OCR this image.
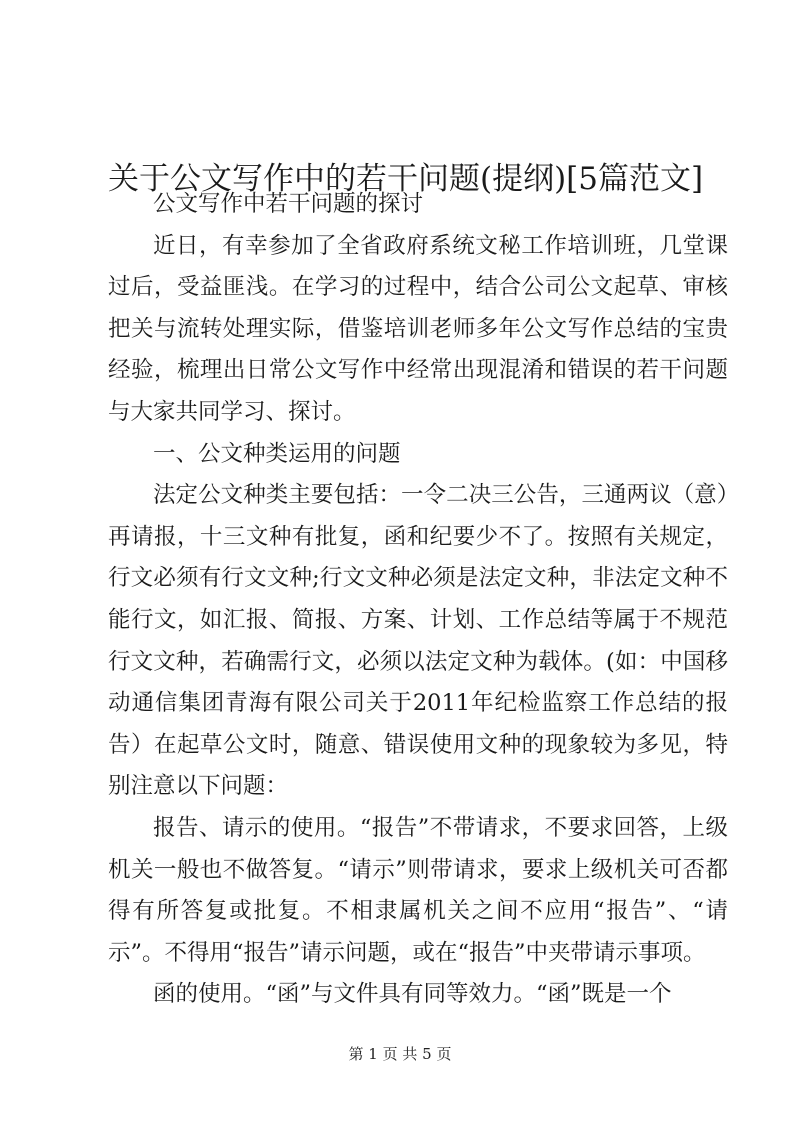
关于公文写作中的若干问题(提纲)[5篇范文]

公文写作中若干问题的探讨

近日，有幸参加了全省政府系统文秘工作培训班，几堂课过后，受益匪浅。在学习的过程中，结合公司公文起草、审核把关与流转处理实际，借鉴培训老师多年公文写作总结的宝贵经验，梳理出日常公文写作中经常出现混淆和错误的若干问题与大家共同学习、探讨。

一、公文种类运用的问题

法定公文种类主要包括：一令二决三公告，三通两议（意）再请报，十三文种有批复，函和纪要少不了。按照有关规定，行文必须有行文文种;行文文种必须是法定文种，非法定文种不能行文，如汇报、简报、方案、计划、工作总结等属于不规范行文文种，若确需行文，必须以法定文种为载体。(如：中国移动通信集团青海有限公司关于2011年纪检监察工作总结的报告）在起草公文时，随意、错误使用文种的现象较为多见，特别注意以下问题：

报告、请示的使用。“报告”不带请求，不要求回答，上级机关一般也不做答复。“请示”则带请求，要求上级机关可否都得有所答复或批复。不相隶属机关之间不应用“报告”、“请示”。不得用“报告”请示问题，或在“报告”中夹带请示事项。

函的使用。“函”与文件具有同等效力。“函”既是一个

第 1 页 共 5 页
